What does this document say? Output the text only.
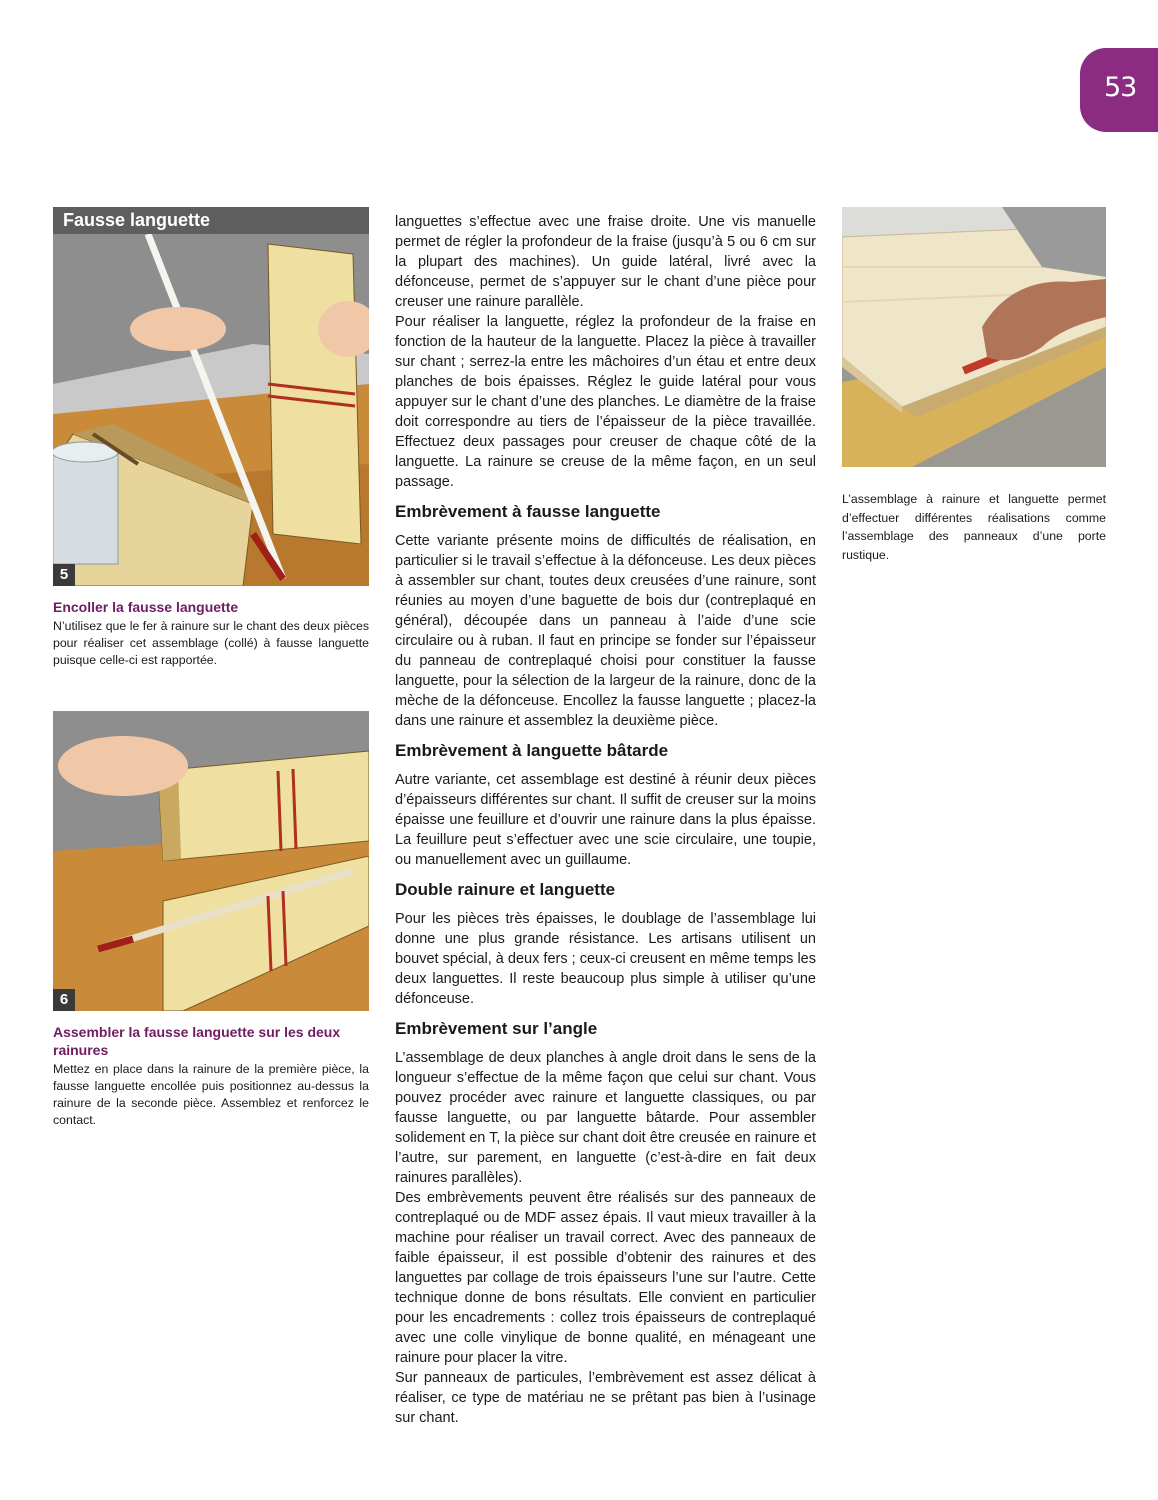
53
Fausse languette
5
Encoller la fausse languette
N’utilisez que le fer à rainure sur le chant des deux pièces pour réaliser cet assemblage (collé) à fausse languette puisque celle-ci est rapportée.
6
Assembler la fausse languette sur les deux rainures
Mettez en place dans la rainure de la première pièce, la fausse languette encollée puis positionnez au-dessus la rainure de la seconde pièce. Assemblez et renforcez le contact.

languettes s’effectue avec une fraise droite. Une vis manuelle permet de régler la profondeur de la fraise (jusqu’à 5 ou 6 cm sur la plupart des machines). Un guide latéral, livré avec la défonceuse, permet de s’appuyer sur le chant d’une pièce pour creuser une rainure parallèle.

Pour réaliser la languette, réglez la profondeur de la fraise en fonction de la hauteur de la languette. Placez la pièce à travailler sur chant ; serrez-la entre les mâchoires d’un étau et entre deux planches de bois épaisses. Réglez le guide latéral pour vous appuyer sur le chant d’une des planches. Le diamètre de la fraise doit correspondre au tiers de l’épaisseur de la pièce travaillée. Effectuez deux passages pour creuser de chaque côté de la languette. La rainure se creuse de la même façon, en un seul passage.

Embrèvement à fausse languette

Cette variante présente moins de difficultés de réalisation, en particulier si le travail s’effectue à la défonceuse. Les deux pièces à assembler sur chant, toutes deux creusées d’une rainure, sont réunies au moyen d’une baguette de bois dur (contreplaqué en général), découpée dans un panneau à l’aide d’une scie circulaire ou à ruban. Il faut en principe se fonder sur l’épaisseur du panneau de contreplaqué choisi pour constituer la fausse languette, pour la sélection de la largeur de la rainure, donc de la mèche de la défonceuse. Encollez la fausse languette ; placez-la dans une rainure et assemblez la deuxième pièce.

Embrèvement à languette bâtarde

Autre variante, cet assemblage est destiné à réunir deux pièces d’épaisseurs différentes sur chant. Il suffit de creuser sur la moins épaisse une feuillure et d’ouvrir une rainure dans la plus épaisse. La feuillure peut s’effectuer avec une scie circulaire, une toupie, ou manuellement avec un guillaume.

Double rainure et languette

Pour les pièces très épaisses, le doublage de l’assemblage lui donne une plus grande résistance. Les artisans utilisent un bouvet spécial, à deux fers ; ceux-ci creusent en même temps les deux languettes. Il reste beaucoup plus simple à utiliser qu’une défonceuse.

Embrèvement sur l’angle

L’assemblage de deux planches à angle droit dans le sens de la longueur s’effectue de la même façon que celui sur chant. Vous pouvez procéder avec rainure et languette classiques, ou par fausse languette, ou par languette bâtarde. Pour assembler solidement en T, la pièce sur chant doit être creusée en rainure et l’autre, sur parement, en languette (c’est-à-dire en fait deux rainures parallèles).

Des embrèvements peuvent être réalisés sur des panneaux de contreplaqué ou de MDF assez épais. Il vaut mieux travailler à la machine pour réaliser un travail correct. Avec des panneaux de faible épaisseur, il est possible d’obtenir des rainures et des languettes par collage de trois épaisseurs l’une sur l’autre. Cette technique donne de bons résultats. Elle convient en particulier pour les encadrements : collez trois épaisseurs de contreplaqué avec une colle vinylique de bonne qualité, en ménageant une rainure pour placer la vitre.

Sur panneaux de particules, l’embrèvement est assez délicat à réaliser, ce type de matériau ne se prêtant pas bien à l’usinage sur chant.

L’assemblage à rainure et languette permet d’effectuer différentes réalisations comme l’assemblage des panneaux d’une porte rustique.
